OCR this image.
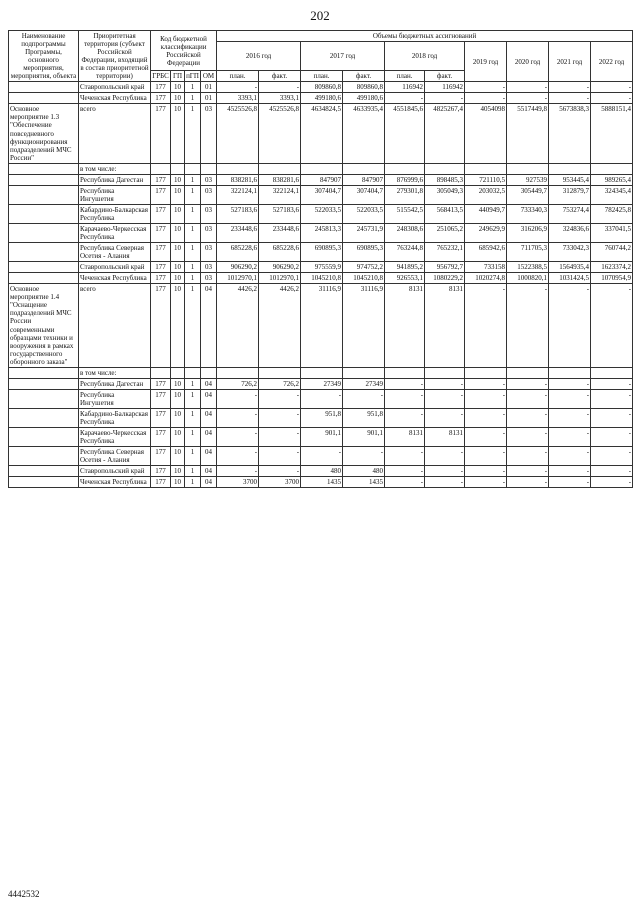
202
Наименование подпрограммы Программы, основного мероприятия, мероприятия, объекта	Приоритетная территория (субъект Российской Федерации, входящий в состав приоритетной территории)	Код бюджетной классификации Российской Федерации				Объемы бюджетных ассигнований									
						2016 год		2017 год		2018 год		2019 год	2020 год	2021 год	2022 год
		ГРБС	ГП	пГП	ОМ	план.	факт.	план.	факт.	план.	факт.				
	Ставропольский край	177	10	1	01	-	-	809860,8	809860,8	116942	116942	-	-	-	-
	Чеченская Республика	177	10	1	01	3393,1	3393,1	499180,6	499180,6	-	-	-	-	-	-
Основное мероприятие 1.3 "Обеспечение повседневного функционирования подразделений МЧС России"	всего	177	10	1	03	4525526,8	4525526,8	4634824,5	4633935,4	4551845,6	4825267,4	4054098	5517449,8	5673838,3	5888151,4
	в том числе:														
	Республика Дагестан	177	10	1	03	838281,6	838281,6	847907	847907	876999,6	898485,3	721110,5	927539	953445,4	989265,4
	Республика Ингушетия	177	10	1	03	322124,1	322124,1	307404,7	307404,7	279301,8	305049,3	203032,5	305449,7	312879,7	324345,4
	Кабардино-Балкарская Республика	177	10	1	03	527183,6	527183,6	522033,5	522033,5	515542,5	568413,5	440949,7	733340,3	753274,4	782425,8
	Карачаево-Черкесская Республика	177	10	1	03	233448,6	233448,6	245813,3	245731,9	248308,6	251065,2	249629,9	316206,9	324836,6	337041,5
	Республика Северная Осетия - Алания	177	10	1	03	685228,6	685228,6	690895,3	690895,3	763244,8	765232,1	685942,6	711705,3	733042,3	760744,2
	Ставропольский край	177	10	1	03	906290,2	906290,2	975559,9	974752,2	941895,2	956792,7	733158	1522388,5	1564935,4	1623374,2
	Чеченская Республика	177	10	1	03	1012970,1	1012970,1	1045210,8	1045210,8	926553,1	1080229,2	1020274,8	1000820,1	1031424,5	1070954,9
Основное мероприятие 1.4 "Оснащение подразделений МЧС России современными образцами техники и вооружения в рамках государственного оборонного заказа"	всего	177	10	1	04	4426,2	4426,2	31116,9	31116,9	8131	8131	-	-	-	-
	в том числе:														
	Республика Дагестан	177	10	1	04	726,2	726,2	27349	27349	-	-	-	-	-	-
	Республика Ингушетия	177	10	1	04	-	-	-	-	-	-	-	-	-	-
	Кабардино-Балкарская Республика	177	10	1	04	-	-	951,8	951,8	-	-	-	-	-	-
	Карачаево-Черкесская Республика	177	10	1	04	-	-	901,1	901,1	8131	8131	-	-	-	-
	Республика Северная Осетия - Алания	177	10	1	04	-	-	-	-	-	-	-	-	-	-
	Ставропольский край	177	10	1	04	-	-	480	480	-	-	-	-	-	-
	Чеченская Республика	177	10	1	04	3700	3700	1435	1435	-	-	-	-	-	-
4442532
